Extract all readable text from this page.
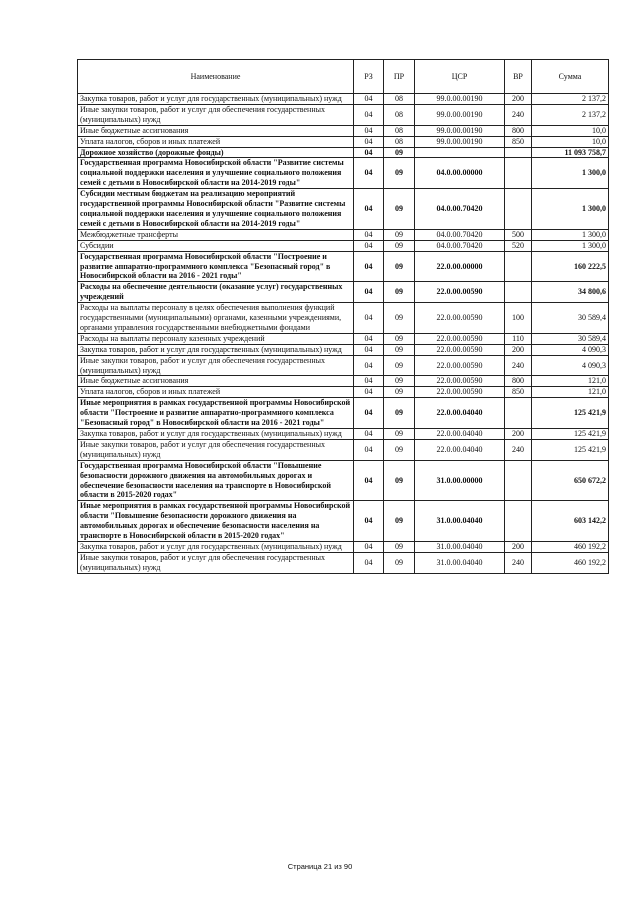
Наименование	РЗ	ПР	ЦСР	ВР	Сумма
Закупка товаров, работ и услуг для государственных (муниципальных) нужд	04	08	99.0.00.00190	200	2 137,2
Иные закупки товаров, работ и услуг для обеспечения государственных (муниципальных) нужд	04	08	99.0.00.00190	240	2 137,2
Иные бюджетные ассигнования	04	08	99.0.00.00190	800	10,0
Уплата налогов, сборов и иных платежей	04	08	99.0.00.00190	850	10,0
Дорожное хозяйство (дорожные фонды)	04	09			11 093 758,7
Государственная программа Новосибирской области "Развитие системы социальной поддержки населения и улучшение социального положения семей с детьми в Новосибирской области на 2014-2019 годы"	04	09	04.0.00.00000		1 300,0
Субсидии местным бюджетам на реализацию мероприятий государственной программы Новосибирской области "Развитие системы социальной поддержки населения и улучшение социального положения семей с детьми в Новосибирской области на 2014-2019 годы"	04	09	04.0.00.70420		1 300,0
Межбюджетные трансферты	04	09	04.0.00.70420	500	1 300,0
Субсидии	04	09	04.0.00.70420	520	1 300,0
Государственная программа Новосибирской области "Построение и развитие аппаратно-программного комплекса "Безопасный город" в Новосибирской области на 2016 - 2021 годы"	04	09	22.0.00.00000		160 222,5
Расходы на обеспечение деятельности (оказание услуг) государственных учреждений	04	09	22.0.00.00590		34 800,6
Расходы на выплаты персоналу в целях обеспечения выполнения функций государственными (муниципальными) органами, казенными учреждениями, органами управления государственными внебюджетными фондами	04	09	22.0.00.00590	100	30 589,4
Расходы на выплаты персоналу казенных учреждений	04	09	22.0.00.00590	110	30 589,4
Закупка товаров, работ и услуг для государственных (муниципальных) нужд	04	09	22.0.00.00590	200	4 090,3
Иные закупки товаров, работ и услуг для обеспечения государственных (муниципальных) нужд	04	09	22.0.00.00590	240	4 090,3
Иные бюджетные ассигнования	04	09	22.0.00.00590	800	121,0
Уплата налогов, сборов и иных платежей	04	09	22.0.00.00590	850	121,0
Иные мероприятия в рамках государственной программы Новосибирской области "Построение и развитие аппаратно-программного комплекса "Безопасный город" в Новосибирской области на 2016 - 2021 годы"	04	09	22.0.00.04040		125 421,9
Закупка товаров, работ и услуг для государственных (муниципальных) нужд	04	09	22.0.00.04040	200	125 421,9
Иные закупки товаров, работ и услуг для обеспечения государственных (муниципальных) нужд	04	09	22.0.00.04040	240	125 421,9
Государственная программа Новосибирской области "Повышение безопасности дорожного движения на автомобильных дорогах и обеспечение безопасности населения на транспорте в Новосибирской области в 2015-2020 годах"	04	09	31.0.00.00000		650 672,2
Иные мероприятия в рамках государственной программы Новосибирской области "Повышение безопасности дорожного движения на автомобильных дорогах и обеспечение безопасности населения на транспорте в Новосибирской области в 2015-2020 годах"	04	09	31.0.00.04040		603 142,2
Закупка товаров, работ и услуг для государственных (муниципальных) нужд	04	09	31.0.00.04040	200	460 192,2
Иные закупки товаров, работ и услуг для обеспечения государственных (муниципальных) нужд	04	09	31.0.00.04040	240	460 192,2
Страница 21 из 90
